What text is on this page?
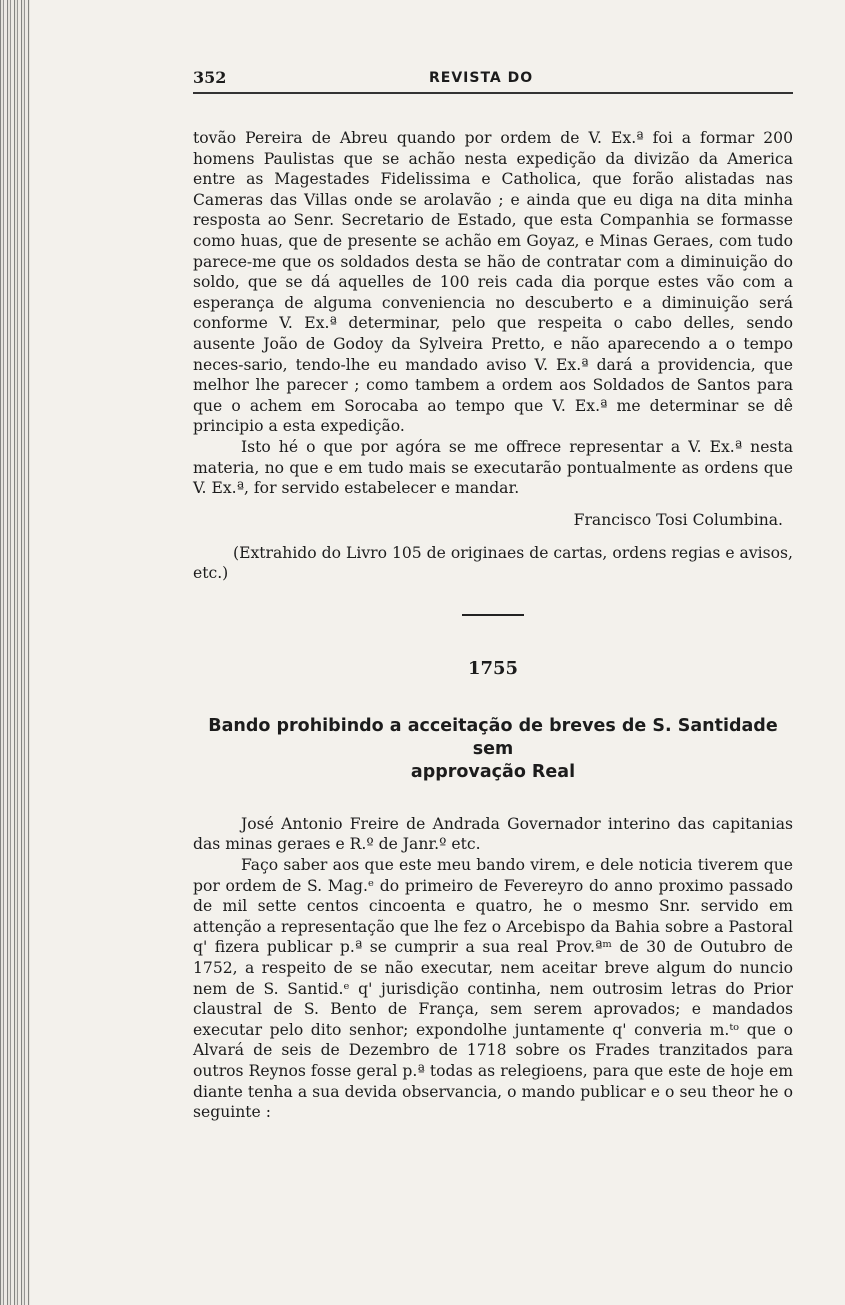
352	REVISTA DO

tovão Pereira de Abreu quando por ordem de V. Ex.ª foi a formar 200 homens Paulistas que se achão nesta expedição da divizão da America entre as Magestades Fidelissima e Catholica, que forão alistadas nas Cameras das Villas onde se arolavão ; e ainda que eu diga na dita minha resposta ao Senr. Secretario de Estado, que esta Companhia se formasse como huas, que de presente se achão em Goyaz, e Minas Geraes, com tudo parece-me que os soldados desta se hão de contratar com a diminuição do soldo, que se dá aquelles de 100 reis cada dia porque estes vão com a esperança de alguma conveniencia no descuberto e a diminuição será conforme V. Ex.ª determinar, pelo que respeita o cabo delles, sendo ausente João de Godoy da Sylveira Pretto, e não aparecendo a o tempo neces-sario, tendo-lhe eu mandado aviso V. Ex.ª dará a providencia, que melhor lhe parecer ; como tambem a ordem aos Soldados de Santos para que o achem em Sorocaba ao tempo que V. Ex.ª me determinar se dê principio a esta expedição.

Isto hé o que por agóra se me offrece representar a V. Ex.ª nesta materia, no que e em tudo mais se executarão pontualmente as ordens que V. Ex.ª, for servido estabelecer e mandar.

Francisco Tosi Columbina.

(Extrahido do Livro 105 de originaes de cartas, ordens regias e avisos, etc.)

1755
Bando prohibindo a acceitação de breves de S. Santidade sem
approvação Real

José Antonio Freire de Andrada Governador interino das capitanias das minas geraes e R.º de Janr.º etc.

Faço saber aos que este meu bando virem, e dele noticia tiverem que por ordem de S. Mag.ᵉ do primeiro de Fevereyro do anno proximo passado de mil sette centos cincoenta e quatro, he o mesmo Snr. servido em attenção a representação que lhe fez o Arcebispo da Bahia sobre a Pastoral q' fizera publicar p.ª se cumprir a sua real Prov.ªᵐ de 30 de Outubro de 1752, a respeito de se não executar, nem aceitar breve algum do nuncio nem de S. Santid.ᵉ q' jurisdição continha, nem outrosim letras do Prior claustral de S. Bento de França, sem serem aprovados; e mandados executar pelo dito senhor; expondolhe juntamente q' converia m.ᵗᵒ que o Alvará de seis de Dezembro de 1718 sobre os Frades tranzitados para outros Reynos fosse geral p.ª todas as relegioens, para que este de hoje em diante tenha a sua devida observancia, o mando publicar e o seu theor he o seguinte :
